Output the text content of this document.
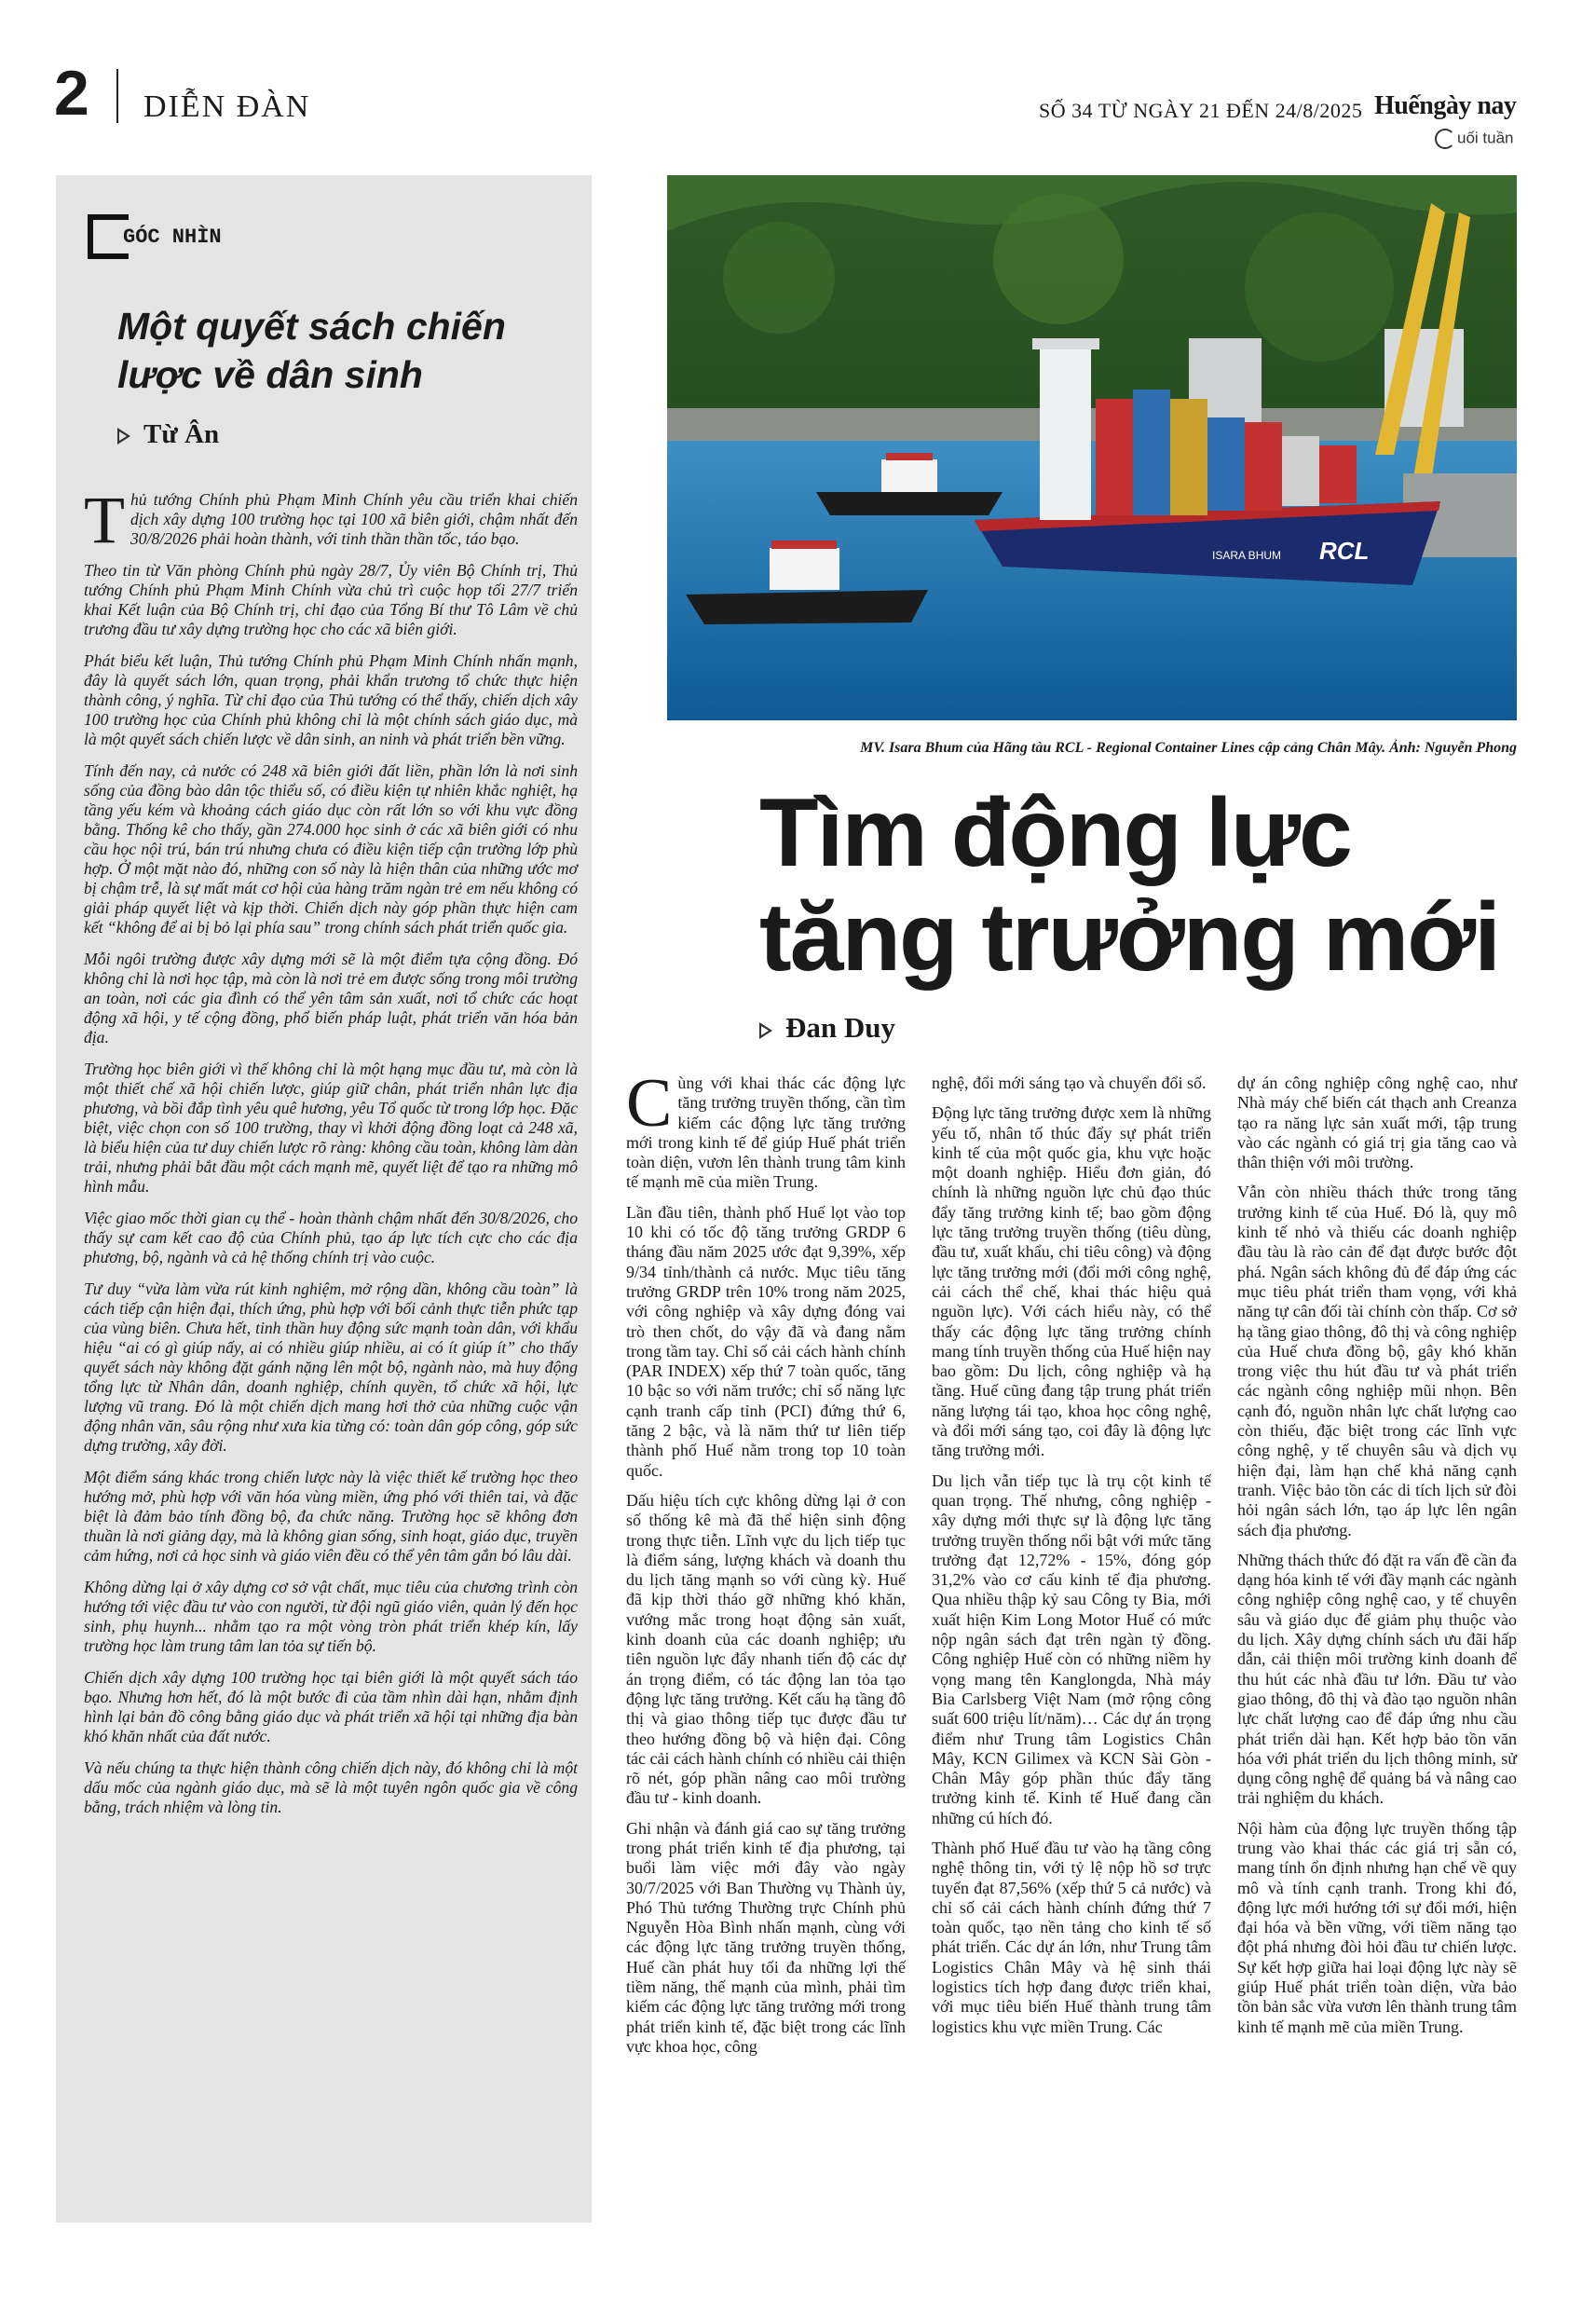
2 DIỄN ĐÀN	SỐ 34 TỪ NGÀY 21 ĐẾN 24/8/2025 Huếngày nay
uối tuần
GÓC NHÌN
Một quyết sách chiến lược về dân sinh
Từ Ân

Thủ tướng Chính phủ Phạm Minh Chính yêu cầu triển khai chiến dịch xây dựng 100 trường học tại 100 xã biên giới, chậm nhất đến 30/8/2026 phải hoàn thành, với tinh thần thần tốc, táo bạo.

Theo tin từ Văn phòng Chính phủ ngày 28/7, Ủy viên Bộ Chính trị, Thủ tướng Chính phủ Phạm Minh Chính vừa chủ trì cuộc họp tối 27/7 triển khai Kết luận của Bộ Chính trị, chỉ đạo của Tổng Bí thư Tô Lâm về chủ trương đầu tư xây dựng trường học cho các xã biên giới.

Phát biểu kết luận, Thủ tướng Chính phủ Phạm Minh Chính nhấn mạnh, đây là quyết sách lớn, quan trọng, phải khẩn trương tổ chức thực hiện thành công, ý nghĩa. Từ chỉ đạo của Thủ tướng có thể thấy, chiến dịch xây 100 trường học của Chính phủ không chỉ là một chính sách giáo dục, mà là một quyết sách chiến lược về dân sinh, an ninh và phát triển bền vững.

Tính đến nay, cả nước có 248 xã biên giới đất liền, phần lớn là nơi sinh sống của đồng bào dân tộc thiểu số, có điều kiện tự nhiên khắc nghiệt, hạ tầng yếu kém và khoảng cách giáo dục còn rất lớn so với khu vực đồng bằng. Thống kê cho thấy, gần 274.000 học sinh ở các xã biên giới có nhu cầu học nội trú, bán trú nhưng chưa có điều kiện tiếp cận trường lớp phù hợp. Ở một mặt nào đó, những con số này là hiện thân của những ước mơ bị chậm trễ, là sự mất mát cơ hội của hàng trăm ngàn trẻ em nếu không có giải pháp quyết liệt và kịp thời. Chiến dịch này góp phần thực hiện cam kết “không để ai bị bỏ lại phía sau” trong chính sách phát triển quốc gia.

Mỗi ngôi trường được xây dựng mới sẽ là một điểm tựa cộng đồng. Đó không chỉ là nơi học tập, mà còn là nơi trẻ em được sống trong môi trường an toàn, nơi các gia đình có thể yên tâm sản xuất, nơi tổ chức các hoạt động xã hội, y tế cộng đồng, phổ biến pháp luật, phát triển văn hóa bản địa.

Trường học biên giới vì thế không chỉ là một hạng mục đầu tư, mà còn là một thiết chế xã hội chiến lược, giúp giữ chân, phát triển nhân lực địa phương, và bồi đắp tình yêu quê hương, yêu Tổ quốc từ trong lớp học. Đặc biệt, việc chọn con số 100 trường, thay vì khởi động đồng loạt cả 248 xã, là biểu hiện của tư duy chiến lược rõ ràng: không cầu toàn, không làm dàn trải, nhưng phải bắt đầu một cách mạnh mẽ, quyết liệt để tạo ra những mô hình mẫu.

Việc giao mốc thời gian cụ thể - hoàn thành chậm nhất đến 30/8/2026, cho thấy sự cam kết cao độ của Chính phủ, tạo áp lực tích cực cho các địa phương, bộ, ngành và cả hệ thống chính trị vào cuộc.

Tư duy “vừa làm vừa rút kinh nghiệm, mở rộng dần, không cầu toàn” là cách tiếp cận hiện đại, thích ứng, phù hợp với bối cảnh thực tiễn phức tạp của vùng biên. Chưa hết, tinh thần huy động sức mạnh toàn dân, với khẩu hiệu “ai có gì giúp nấy, ai có nhiều giúp nhiều, ai có ít giúp ít” cho thấy quyết sách này không đặt gánh nặng lên một bộ, ngành nào, mà huy động tổng lực từ Nhân dân, doanh nghiệp, chính quyền, tổ chức xã hội, lực lượng vũ trang. Đó là một chiến dịch mang hơi thở của những cuộc vận động nhân văn, sâu rộng như xưa kia từng có: toàn dân góp công, góp sức dựng trường, xây đời.

Một điểm sáng khác trong chiến lược này là việc thiết kế trường học theo hướng mở, phù hợp với văn hóa vùng miền, ứng phó với thiên tai, và đặc biệt là đảm bảo tính đồng bộ, đa chức năng. Trường học sẽ không đơn thuần là nơi giảng dạy, mà là không gian sống, sinh hoạt, giáo dục, truyền cảm hứng, nơi cả học sinh và giáo viên đều có thể yên tâm gắn bó lâu dài.

Không dừng lại ở xây dựng cơ sở vật chất, mục tiêu của chương trình còn hướng tới việc đầu tư vào con người, từ đội ngũ giáo viên, quản lý đến học sinh, phụ huynh... nhằm tạo ra một vòng tròn phát triển khép kín, lấy trường học làm trung tâm lan tỏa sự tiến bộ.

Chiến dịch xây dựng 100 trường học tại biên giới là một quyết sách táo bạo. Nhưng hơn hết, đó là một bước đi của tầm nhìn dài hạn, nhằm định hình lại bản đồ công bằng giáo dục và phát triển xã hội tại những địa bàn khó khăn nhất của đất nước.

Và nếu chúng ta thực hiện thành công chiến dịch này, đó không chỉ là một dấu mốc của ngành giáo dục, mà sẽ là một tuyên ngôn quốc gia về công bằng, trách nhiệm và lòng tin.

ISARA BHUM RCL
MV. Isara Bhum của Hãng tàu RCL - Regional Container Lines cập cảng Chân Mây. Ảnh: Nguyễn Phong
Tìm động lực tăng trưởng mới
Đan Duy

Cùng với khai thác các động lực tăng trưởng truyền thống, cần tìm kiếm các động lực tăng trưởng mới trong kinh tế để giúp Huế phát triển toàn diện, vươn lên thành trung tâm kinh tế mạnh mẽ của miền Trung.

Lần đầu tiên, thành phố Huế lọt vào top 10 khi có tốc độ tăng trưởng GRDP 6 tháng đầu năm 2025 ước đạt 9,39%, xếp 9/34 tỉnh/thành cả nước. Mục tiêu tăng trưởng GRDP trên 10% trong năm 2025, với công nghiệp và xây dựng đóng vai trò then chốt, do vậy đã và đang nằm trong tầm tay. Chỉ số cải cách hành chính (PAR INDEX) xếp thứ 7 toàn quốc, tăng 10 bậc so với năm trước; chỉ số năng lực cạnh tranh cấp tỉnh (PCI) đứng thứ 6, tăng 2 bậc, và là năm thứ tư liên tiếp thành phố Huế nằm trong top 10 toàn quốc.

Dấu hiệu tích cực không dừng lại ở con số thống kê mà đã thể hiện sinh động trong thực tiễn. Lĩnh vực du lịch tiếp tục là điểm sáng, lượng khách và doanh thu du lịch tăng mạnh so với cùng kỳ. Huế đã kịp thời tháo gỡ những khó khăn, vướng mắc trong hoạt động sản xuất, kinh doanh của các doanh nghiệp; ưu tiên nguồn lực đẩy nhanh tiến độ các dự án trọng điểm, có tác động lan tỏa tạo động lực tăng trưởng. Kết cấu hạ tầng đô thị và giao thông tiếp tục được đầu tư theo hướng đồng bộ và hiện đại. Công tác cải cách hành chính có nhiều cải thiện rõ nét, góp phần nâng cao môi trường đầu tư - kinh doanh.

Ghi nhận và đánh giá cao sự tăng trưởng trong phát triển kinh tế địa phương, tại buổi làm việc mới đây vào ngày 30/7/2025 với Ban Thường vụ Thành ủy, Phó Thủ tướng Thường trực Chính phủ Nguyễn Hòa Bình nhấn mạnh, cùng với các động lực tăng trưởng truyền thống, Huế cần phát huy tối đa những lợi thế tiềm năng, thế mạnh của mình, phải tìm kiếm các động lực tăng trưởng mới trong phát triển kinh tế, đặc biệt trong các lĩnh vực khoa học, công

nghệ, đổi mới sáng tạo và chuyển đổi số.

Động lực tăng trưởng được xem là những yếu tố, nhân tố thúc đẩy sự phát triển kinh tế của một quốc gia, khu vực hoặc một doanh nghiệp. Hiểu đơn giản, đó chính là những nguồn lực chủ đạo thúc đẩy tăng trưởng kinh tế; bao gồm động lực tăng trưởng truyền thống (tiêu dùng, đầu tư, xuất khẩu, chi tiêu công) và động lực tăng trưởng mới (đổi mới công nghệ, cải cách thể chế, khai thác hiệu quả nguồn lực). Với cách hiểu này, có thể thấy các động lực tăng trưởng chính mang tính truyền thống của Huế hiện nay bao gồm: Du lịch, công nghiệp và hạ tầng. Huế cũng đang tập trung phát triển năng lượng tái tạo, khoa học công nghệ, và đổi mới sáng tạo, coi đây là động lực tăng trưởng mới.

Du lịch vẫn tiếp tục là trụ cột kinh tế quan trọng. Thế nhưng, công nghiệp - xây dựng mới thực sự là động lực tăng trưởng truyền thống nổi bật với mức tăng trưởng đạt 12,72% - 15%, đóng góp 31,2% vào cơ cấu kinh tế địa phương. Qua nhiều thập kỷ sau Công ty Bia, mới xuất hiện Kim Long Motor Huế có mức nộp ngân sách đạt trên ngàn tỷ đồng. Công nghiệp Huế còn có những niềm hy vọng mang tên Kanglongda, Nhà máy Bia Carlsberg Việt Nam (mở rộng công suất 600 triệu lít/năm)… Các dự án trọng điểm như Trung tâm Logistics Chân Mây, KCN Gilimex và KCN Sài Gòn - Chân Mây góp phần thúc đẩy tăng trưởng kinh tế. Kinh tế Huế đang cần những cú hích đó.

Thành phố Huế đầu tư vào hạ tầng công nghệ thông tin, với tỷ lệ nộp hồ sơ trực tuyến đạt 87,56% (xếp thứ 5 cả nước) và chỉ số cải cách hành chính đứng thứ 7 toàn quốc, tạo nền tảng cho kinh tế số phát triển. Các dự án lớn, như Trung tâm Logistics Chân Mây và hệ sinh thái logistics tích hợp đang được triển khai, với mục tiêu biến Huế thành trung tâm logistics khu vực miền Trung. Các

dự án công nghiệp công nghệ cao, như Nhà máy chế biến cát thạch anh Creanza tạo ra năng lực sản xuất mới, tập trung vào các ngành có giá trị gia tăng cao và thân thiện với môi trường.

Vẫn còn nhiều thách thức trong tăng trưởng kinh tế của Huế. Đó là, quy mô kinh tế nhỏ và thiếu các doanh nghiệp đầu tàu là rào cản để đạt được bước đột phá. Ngân sách không đủ để đáp ứng các mục tiêu phát triển tham vọng, với khả năng tự cân đối tài chính còn thấp. Cơ sở hạ tầng giao thông, đô thị và công nghiệp của Huế chưa đồng bộ, gây khó khăn trong việc thu hút đầu tư và phát triển các ngành công nghiệp mũi nhọn. Bên cạnh đó, nguồn nhân lực chất lượng cao còn thiếu, đặc biệt trong các lĩnh vực công nghệ, y tế chuyên sâu và dịch vụ hiện đại, làm hạn chế khả năng cạnh tranh. Việc bảo tồn các di tích lịch sử đòi hỏi ngân sách lớn, tạo áp lực lên ngân sách địa phương.

Những thách thức đó đặt ra vấn đề cần đa dạng hóa kinh tế với đầy mạnh các ngành công nghiệp công nghệ cao, y tế chuyên sâu và giáo dục để giảm phụ thuộc vào du lịch. Xây dựng chính sách ưu đãi hấp dẫn, cải thiện môi trường kinh doanh để thu hút các nhà đầu tư lớn. Đầu tư vào giao thông, đô thị và đào tạo nguồn nhân lực chất lượng cao để đáp ứng nhu cầu phát triển dài hạn. Kết hợp bảo tồn văn hóa với phát triển du lịch thông minh, sử dụng công nghệ để quảng bá và nâng cao trải nghiệm du khách.

Nội hàm của động lực truyền thống tập trung vào khai thác các giá trị sẵn có, mang tính ổn định nhưng hạn chế về quy mô và tính cạnh tranh. Trong khi đó, động lực mới hướng tới sự đổi mới, hiện đại hóa và bền vững, với tiềm năng tạo đột phá nhưng đòi hỏi đầu tư chiến lược. Sự kết hợp giữa hai loại động lực này sẽ giúp Huế phát triển toàn diện, vừa bảo tồn bản sắc vừa vươn lên thành trung tâm kinh tế mạnh mẽ của miền Trung.
